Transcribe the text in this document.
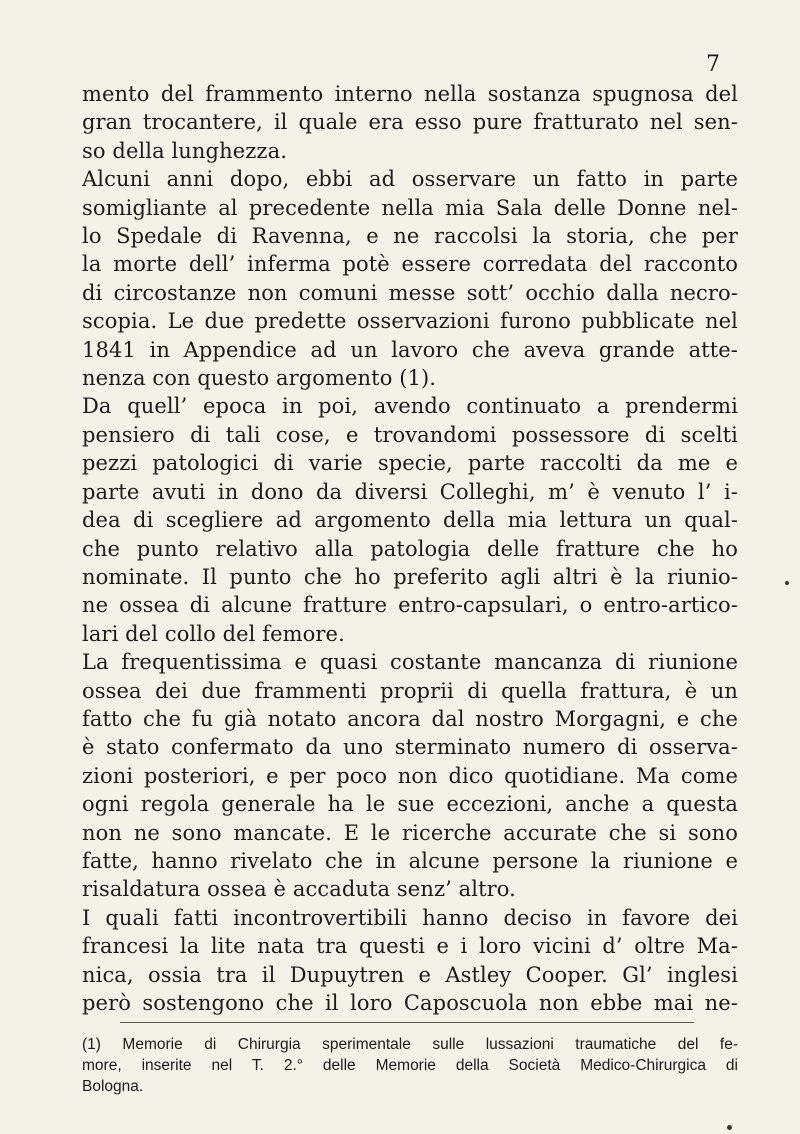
7
mento del frammento interno nella sostanza spugnosa del
gran trocantere, il quale era esso pure fratturato nel sen-
so della lunghezza.
Alcuni anni dopo, ebbi ad osservare un fatto in parte
somigliante al precedente nella mia Sala delle Donne nel-
lo Spedale di Ravenna, e ne raccolsi la storia, che per
la morte dell’ inferma potè essere corredata del racconto
di circostanze non comuni messe sott’ occhio dalla necro-
scopia. Le due predette osservazioni furono pubblicate nel
1841 in Appendice ad un lavoro che aveva grande atte-
nenza con questo argomento (1).
Da quell’ epoca in poi, avendo continuato a prendermi
pensiero di tali cose, e trovandomi possessore di scelti
pezzi patologici di varie specie, parte raccolti da me e
parte avuti in dono da diversi Colleghi, m’ è venuto l’ i-
dea di scegliere ad argomento della mia lettura un qual-
che punto relativo alla patologia delle fratture che ho
nominate. Il punto che ho preferito agli altri è la riunio-
ne ossea di alcune fratture entro-capsulari, o entro-artico-
lari del collo del femore.
La frequentissima e quasi costante mancanza di riunione
ossea dei due frammenti proprii di quella frattura, è un
fatto che fu già notato ancora dal nostro Morgagni, e che
è stato confermato da uno sterminato numero di osserva-
zioni posteriori, e per poco non dico quotidiane. Ma come
ogni regola generale ha le sue eccezioni, anche a questa
non ne sono mancate. E le ricerche accurate che si sono
fatte, hanno rivelato che in alcune persone la riunione e
risaldatura ossea è accaduta senz’ altro.
I quali fatti incontrovertibili hanno deciso in favore dei
francesi la lite nata tra questi e i loro vicini d’ oltre Ma-
nica, ossia tra il Dupuytren e Astley Cooper. Gl’ inglesi
però sostengono che il loro Caposcuola non ebbe mai ne-
(1) Memorie di Chirurgia sperimentale sulle lussazioni traumatiche del fe-
more, inserite nel T. 2.° delle Memorie della Società Medico-Chirurgica di
Bologna.
